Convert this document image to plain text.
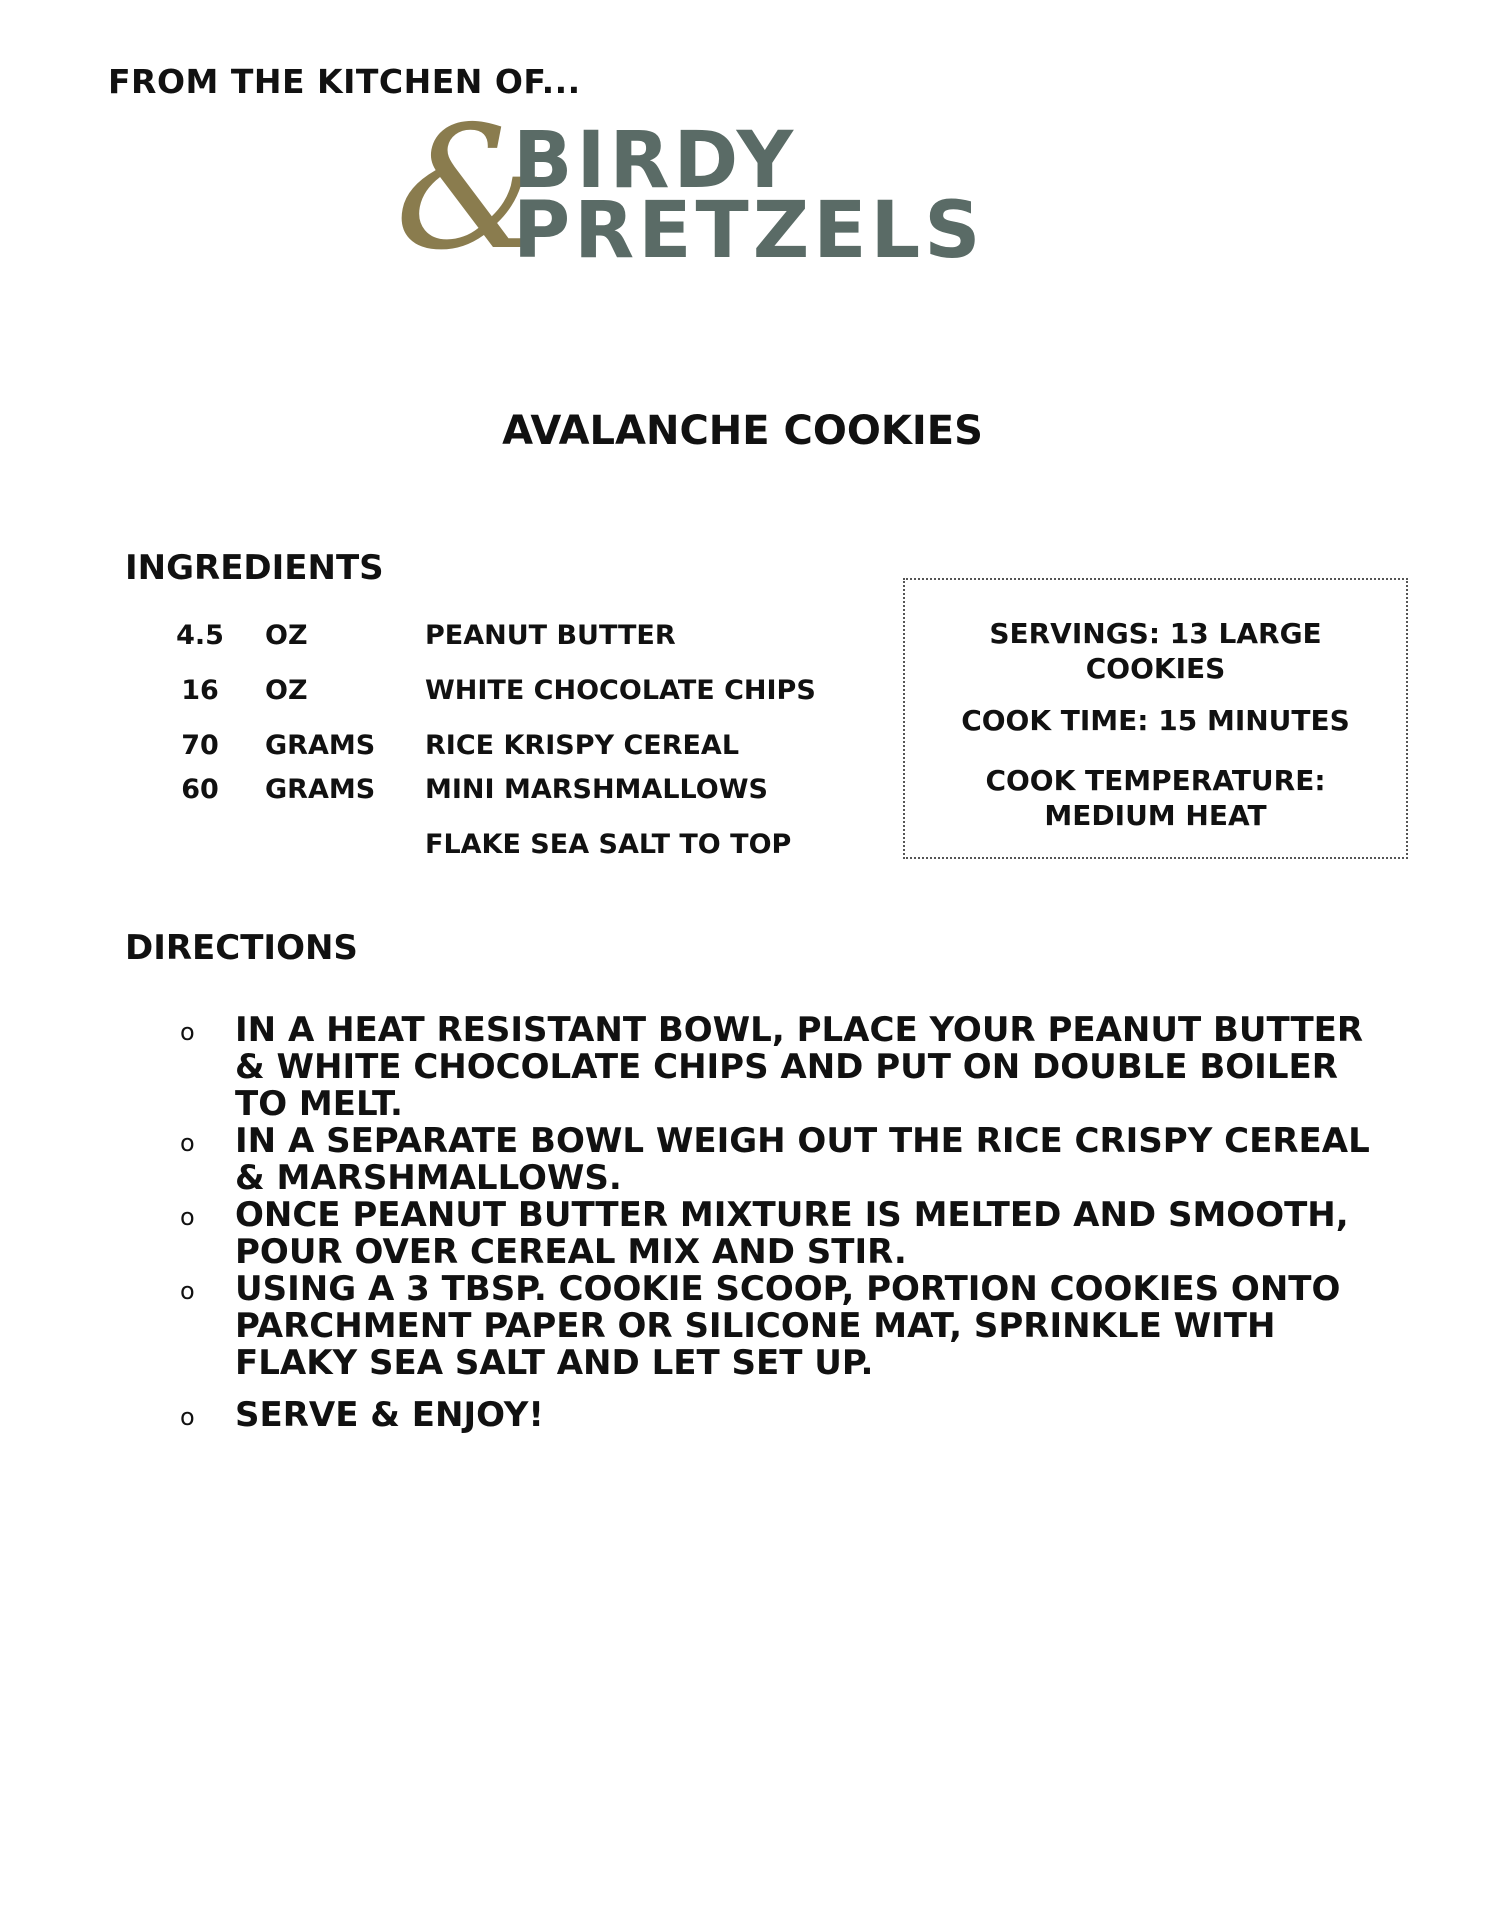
FROM THE KITCHEN OF...
&
BIRDY
PRETZELS
AVALANCHE COOKIES
INGREDIENTS
4.5	OZ	PEANUT BUTTER
16	OZ	WHITE CHOCOLATE CHIPS
70	GRAMS	RICE KRISPY CEREAL
60	GRAMS	MINI MARSHMALLOWS
		FLAKE SEA SALT TO TOP
SERVINGS: 13 LARGE COOKIES
COOK TIME: 15 MINUTES
COOK TEMPERATURE: MEDIUM HEAT
DIRECTIONS
o IN A HEAT RESISTANT BOWL, PLACE YOUR PEANUT BUTTER & WHITE CHOCOLATE CHIPS AND PUT ON DOUBLE BOILER TO MELT.
o IN A SEPARATE BOWL WEIGH OUT THE RICE CRISPY CEREAL & MARSHMALLOWS.
o ONCE PEANUT BUTTER MIXTURE IS MELTED AND SMOOTH, POUR OVER CEREAL MIX AND STIR.
o USING A 3 TBSP. COOKIE SCOOP, PORTION COOKIES ONTO PARCHMENT PAPER OR SILICONE MAT, SPRINKLE WITH FLAKY SEA SALT AND LET SET UP.
o SERVE & ENJOY!
